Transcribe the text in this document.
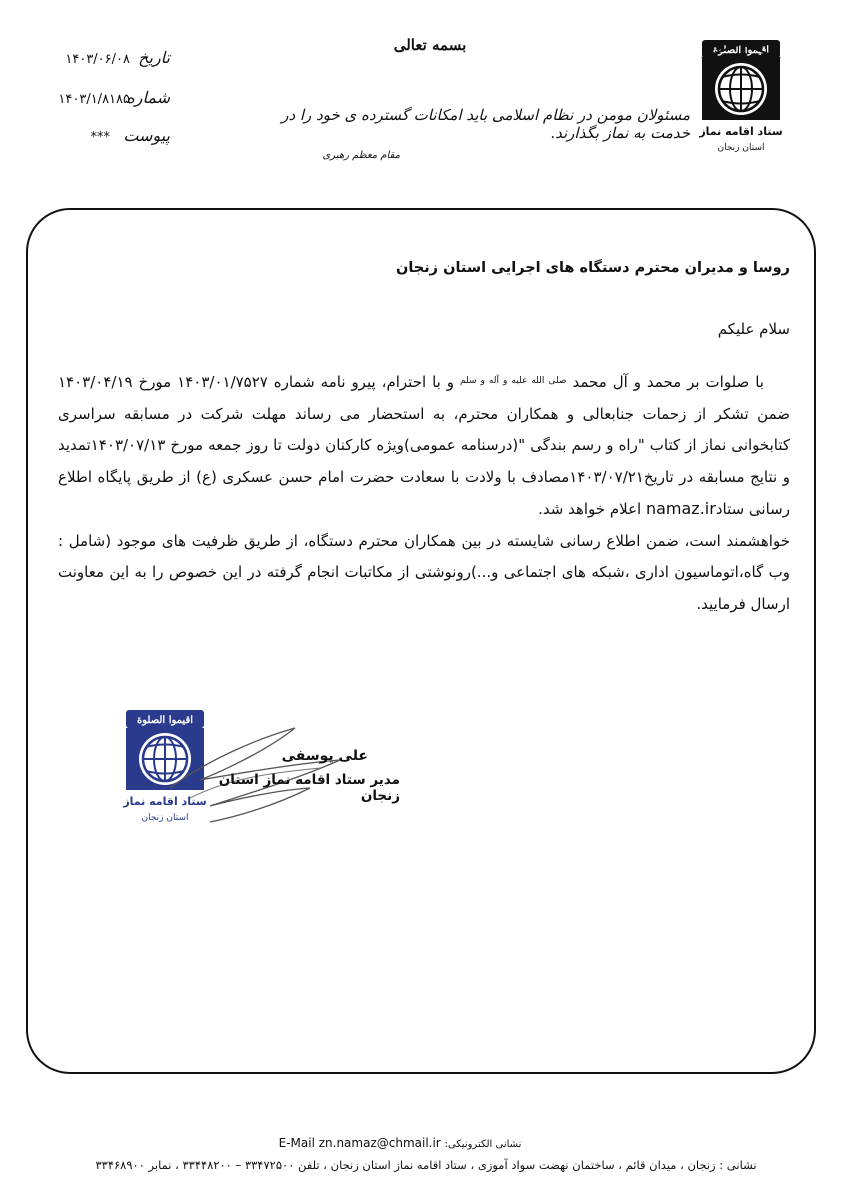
اقيموا الصلوة
ستاد اقامه نماز
استان زنجان
بسمه تعالی
مسئولان مومن در نظام اسلامی باید امکانات گسترده ی خود را در خدمت به نماز بگذارند.
مقام معظم رهبری
تاریخ
۱۴۰۳/۰۶/۰۸
شماره
۱۴۰۳/۱/۸۱۸۵
پیوست
***
روسا و مدیران محترم دستگاه های اجرایی استان زنجان
سلام علیکم

با صلوات بر محمد و آل محمد $^{صلی الله علیه و آله و سلم}$ و با احترام، پیرو نامه شماره ۱۴۰۳/۰۱/۷۵۲۷ مورخ ۱۴۰۳/۰۴/۱۹ ضمن تشکر از زحمات جنابعالی و همکاران محترم، به استحضار می رساند مهلت شرکت در مسابقه سراسری کتابخوانی نماز از کتاب "راه و رسم بندگی "(درسنامه عمومی)ویژه کارکنان دولت تا روز جمعه مورخ ۱۴۰۳/۰۷/۱۳تمدید و نتایج مسابقه در تاریخ۱۴۰۳/۰۷/۲۱مصادف با ولادت با سعادت حضرت امام حسن عسکری (ع) از طریق پایگاه اطلاع رسانی ستادnamaz.ir اعلام خواهد شد.

خواهشمند است، ضمن اطلاع رسانی شایسته در بین همکاران محترم دستگاه، از طریق ظرفیت های موجود (شامل : وب گاه،اتوماسیون اداری ،شبکه های اجتماعی و...)رونوشتی از مکاتبات انجام گرفته در این خصوص را به این معاونت ارسال فرمایید.

اقيموا الصلوة
ستاد اقامه نماز
استان زنجان
علی یوسفی
مدیر ستاد اقامه نماز استان زنجان
نشانی الکترونیکی: E-Mail zn.namaz@chmail.ir
نشانی : زنجان ، میدان قائم ، ساختمان نهضت سواد آموزی ، ستاد اقامه نماز استان زنجان ، تلفن ۳۳۴۷۲۵۰۰ – ۳۳۴۴۸۲۰۰ ، نمابر ۳۳۴۶۸۹۰۰
